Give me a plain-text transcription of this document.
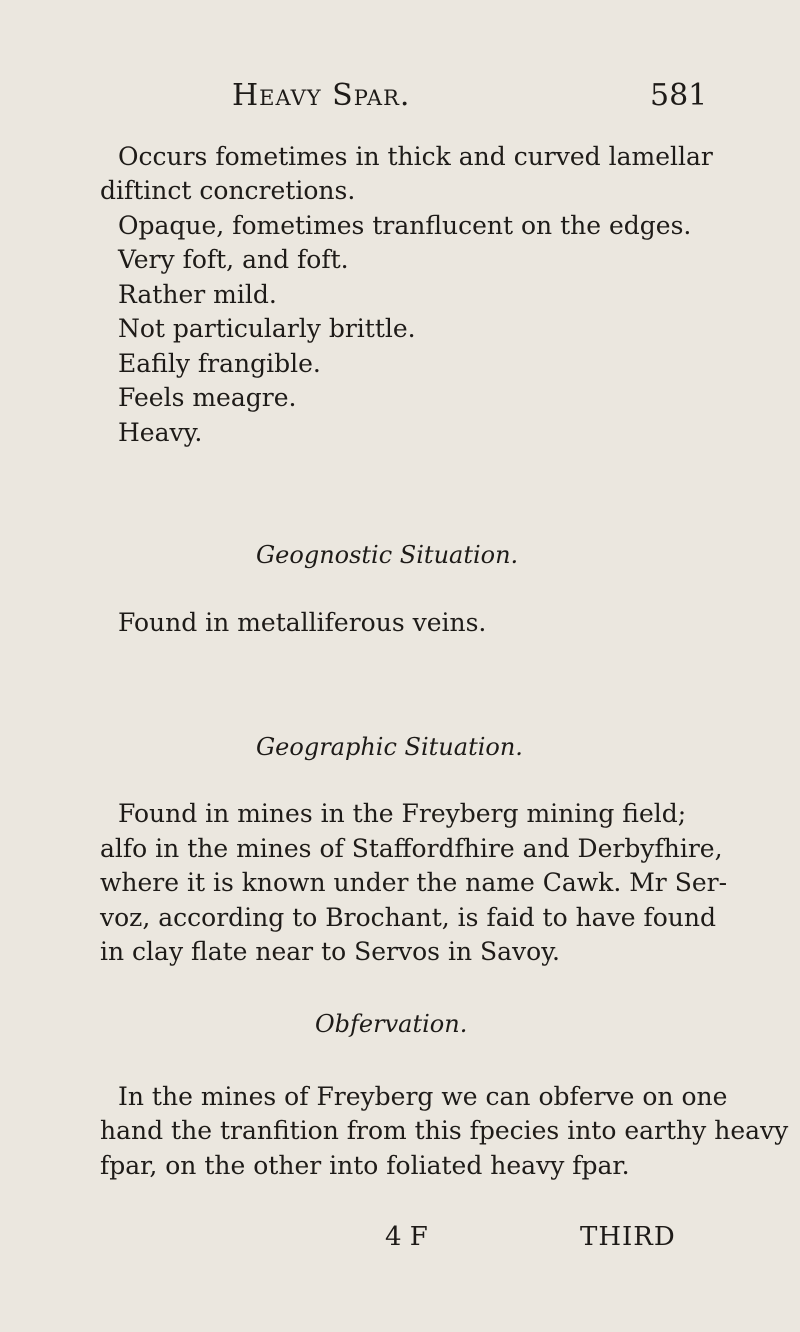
Heavy Spar.	581
Occurs fometimes in thick and curved lamellar
diftinct concretions.
Opaque, fometimes tranflucent on the edges.
Very foft, and foft.
Rather mild.
Not particularly brittle.
Eafily frangible.
Feels meagre.
Heavy.
Geognostic Situation.
Found in metalliferous veins.
Geographic Situation.
Found in mines in the Freyberg mining field;
alfo in the mines of Staffordfhire and Derbyfhire,
where it is known under the name Cawk. Mr Ser-
voz, according to Brochant, is faid to have found
in clay flate near to Servos in Savoy.
Obfervation.
In the mines of Freyberg we can obferve on one
hand the tranfition from this fpecies into earthy heavy
fpar, on the other into foliated heavy fpar.
4 F	THIRD
